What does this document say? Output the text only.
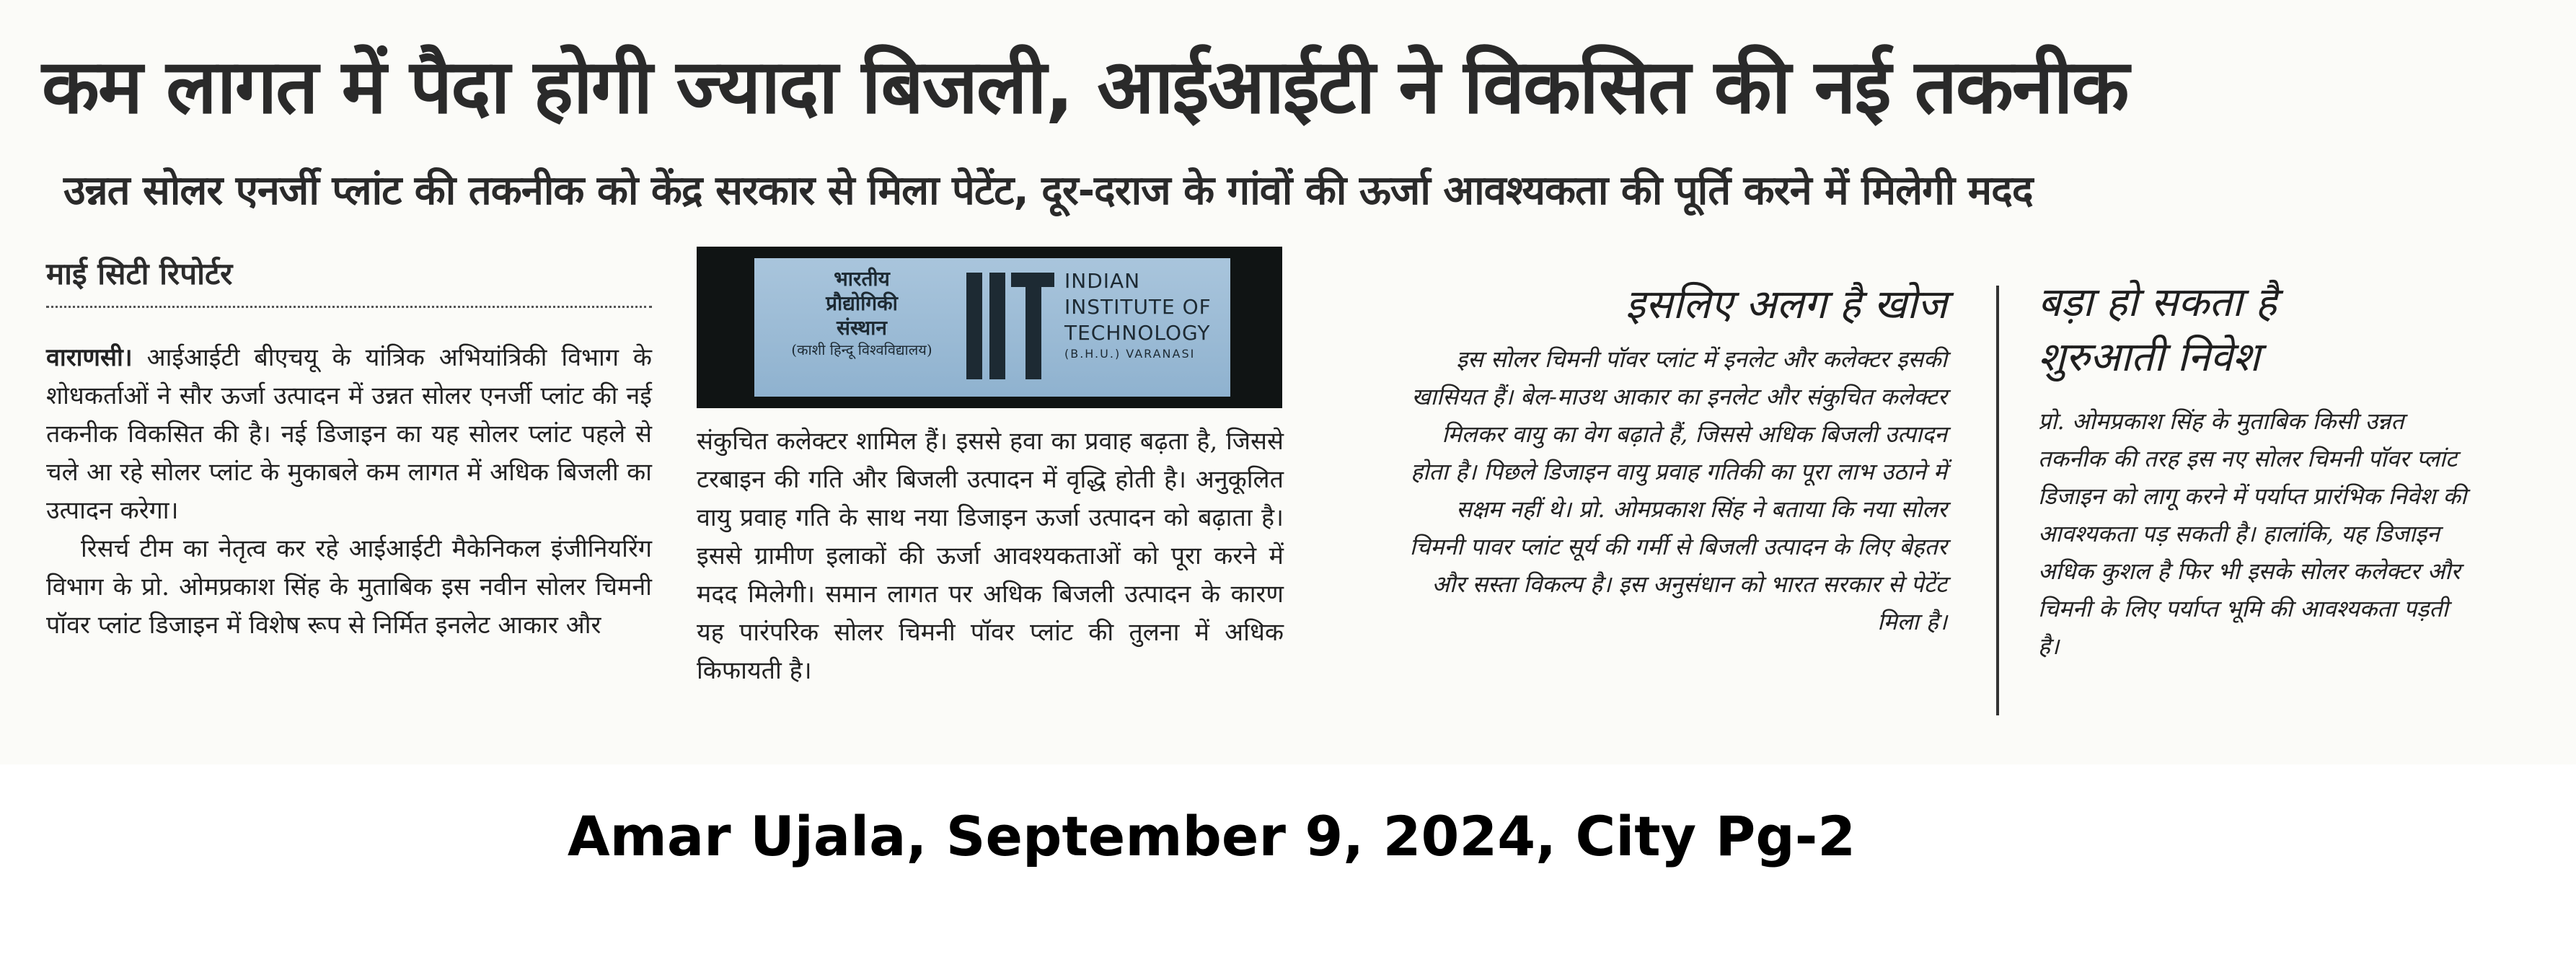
कम लागत में पैदा होगी ज्यादा बिजली, आईआईटी ने विकसित की नई तकनीक
उन्नत सोलर एनर्जी प्लांट की तकनीक को केंद्र सरकार से मिला पेटेंट, दूर-दराज के गांवों की ऊर्जा आवश्यकता की पूर्ति करने में मिलेगी मदद
माई सिटी रिपोर्टर

वाराणसी। आईआईटी बीएचयू के यांत्रिक अभियांत्रिकी विभाग के शोधकर्ताओं ने सौर ऊर्जा उत्पादन में उन्नत सोलर एनर्जी प्लांट की नई तकनीक विकसित की है। नई डिजाइन का यह सोलर प्लांट पहले से चले आ रहे सोलर प्लांट के मुकाबले कम लागत में अधिक बिजली का उत्पादन करेगा।

रिसर्च टीम का नेतृत्व कर रहे आईआईटी मैकेनिकल इंजीनियरिंग विभाग के प्रो. ओमप्रकाश सिंह के मुताबिक इस नवीन सोलर चिमनी पॉवर प्लांट डिजाइन में विशेष रूप से निर्मित इनलेट आकार और

भारतीय
प्रौद्योगिकी
संस्थान
(काशी हिन्दू विश्वविद्यालय)
INDIAN
INSTITUTE OF
TECHNOLOGY
(B.H.U.) VARANASI

संकुचित कलेक्टर शामिल हैं। इससे हवा का प्रवाह बढ़ता है, जिससे टरबाइन की गति और बिजली उत्पादन में वृद्धि होती है। अनुकूलित वायु प्रवाह गति के साथ नया डिजाइन ऊर्जा उत्पादन को बढ़ाता है। इससे ग्रामीण इलाकों की ऊर्जा आवश्यकताओं को पूरा करने में मदद मिलेगी। समान लागत पर अधिक बिजली उत्पादन के कारण यह पारंपरिक सोलर चिमनी पॉवर प्लांट की तुलना में अधिक किफायती है।

इसलिए अलग है खोज

इस सोलर चिमनी पॉवर प्लांट में इनलेट और कलेक्टर इसकी खासियत हैं। बेल-माउथ आकार का इनलेट और संकुचित कलेक्टर मिलकर वायु का वेग बढ़ाते हैं, जिससे अधिक बिजली उत्पादन होता है। पिछले डिजाइन वायु प्रवाह गतिकी का पूरा लाभ उठाने में सक्षम नहीं थे। प्रो. ओमप्रकाश सिंह ने बताया कि नया सोलर चिमनी पावर प्लांट सूर्य की गर्मी से बिजली उत्पादन के लिए बेहतर और सस्ता विकल्प है। इस अनुसंधान को भारत सरकार से पेटेंट मिला है।

बड़ा हो सकता है
शुरुआती निवेश

प्रो. ओमप्रकाश सिंह के मुताबिक किसी उन्नत तकनीक की तरह इस नए सोलर चिमनी पॉवर प्लांट डिजाइन को लागू करने में पर्याप्त प्रारंभिक निवेश की आवश्यकता पड़ सकती है। हालांकि, यह डिजाइन अधिक कुशल है फिर भी इसके सोलर कलेक्टर और चिमनी के लिए पर्याप्त भूमि की आवश्यकता पड़ती है।

Amar Ujala, September 9, 2024, City Pg-2
